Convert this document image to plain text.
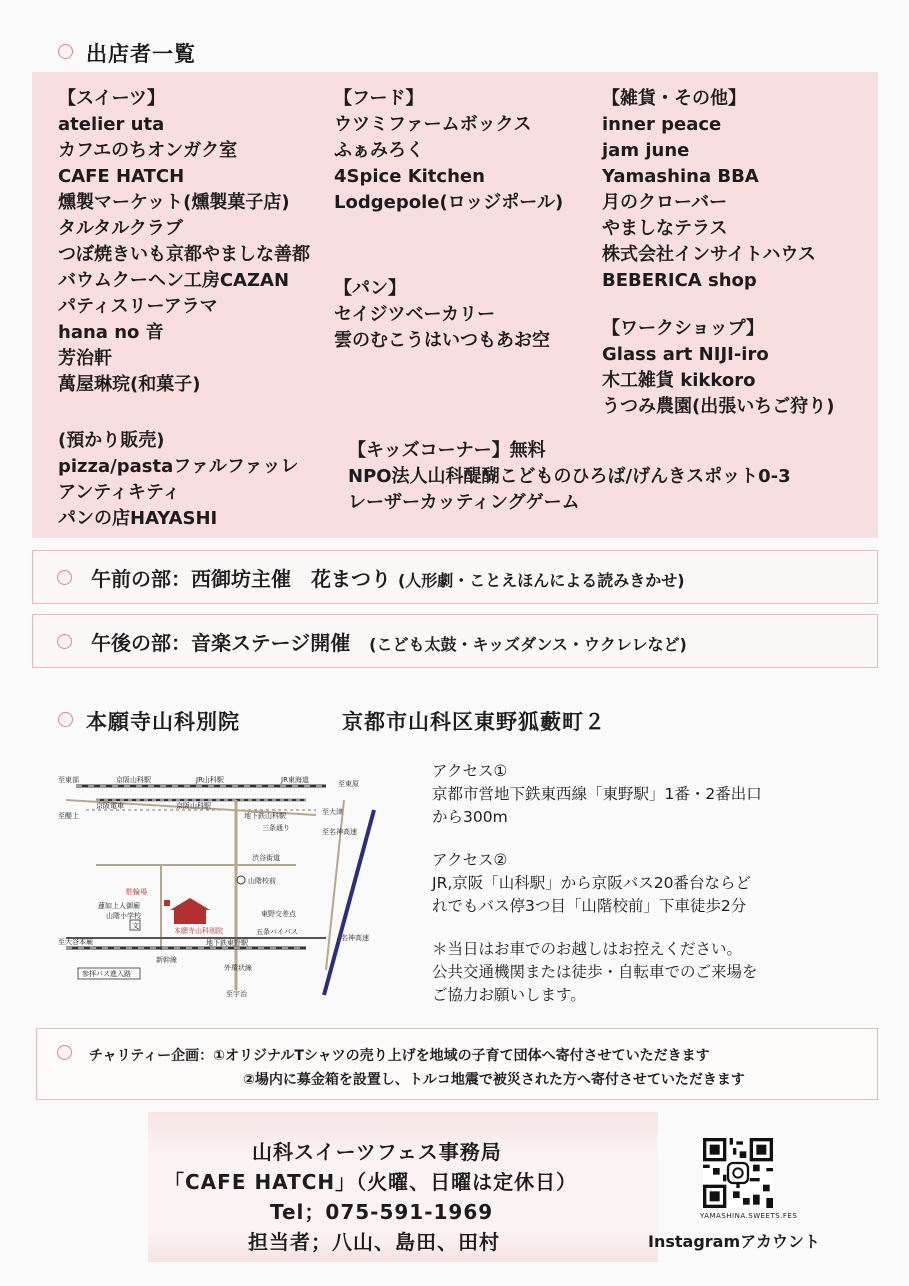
出店者一覧
【スイーツ】
atelier uta
カフエのちオンガク室
CAFE HATCH
燻製マーケット(燻製菓子店)
タルタルクラブ
つぼ焼きいも京都やましな善都
バウムクーヘン工房CAZAN
パティスリーアラマ
hana no 音
芳治軒
萬屋琳琓(和菓子)
【フード】
ウツミファームボックス
ふぁみろく
4Spice Kitchen
Lodgepole(ロッジポール)
【パン】
セイジツベーカリー
雲のむこうはいつもあお空
【雑貨・その他】
inner peace
jam june
Yamashina BBA
月のクローバー
やましなテラス
株式会社インサイトハウス
BEBERICA shop
【ワークショップ】
Glass art NIJI-iro
木工雑貨 kikkoro
うつみ農園(出張いちご狩り)
(預かり販売)
pizza/pastaファルファッレ
アンティキティ
パンの店HAYASHI
【キッズコーナー】無料
NPO法人山科醍醐こどものひろば/げんきスポット0-3
レーザーカッティングゲーム
午前の部：西御坊主催　花まつり (人形劇・ことえほんによる読みきかせ)
午後の部：音楽ステージ開催 (こども太鼓・キッズダンス・ウクレレなど)
本願寺山科別院	京都市山科区東野狐藪町２
至東部	京阪山科駅	JR山科駅	JR東海道	至東原
至醍上
京阪電車	京阪山科駅
地下鉄山科駅	至大津
三条通り	至名神高速
外環状線
渋谷街道
山階校前
駐輪場
蓮如上人御廟
山階小学校
本願寺山科別院
地下鉄東野駅
東野交差点
五条バイパス
名神高速
至大谷本廟
新幹線
参拝バス進入路
至宇治
文
アクセス①
京都市営地下鉄東西線「東野駅」1番・2番出口
から300m
アクセス②
JR,京阪「山科駅」から京阪バス20番台ならど
れでもバス停3つ目「山階校前」下車徒歩2分
＊当日はお車でのお越しはお控えください。
公共交通機関または徒歩・自転車でのご来場を
ご協力お願いします。
チャリティー企画：①オリジナルTシャツの売り上げを地域の子育て団体へ寄付させていただきます
②場内に募金箱を設置し、トルコ地震で被災された方へ寄付させていただきます
山科スイーツフェス事務局
「CAFE HATCH」（火曜、日曜は定休日）
Tel；075-591-1969
担当者；八山、島田、田村
YAMASHINA.SWEETS.FES
Instagramアカウント
